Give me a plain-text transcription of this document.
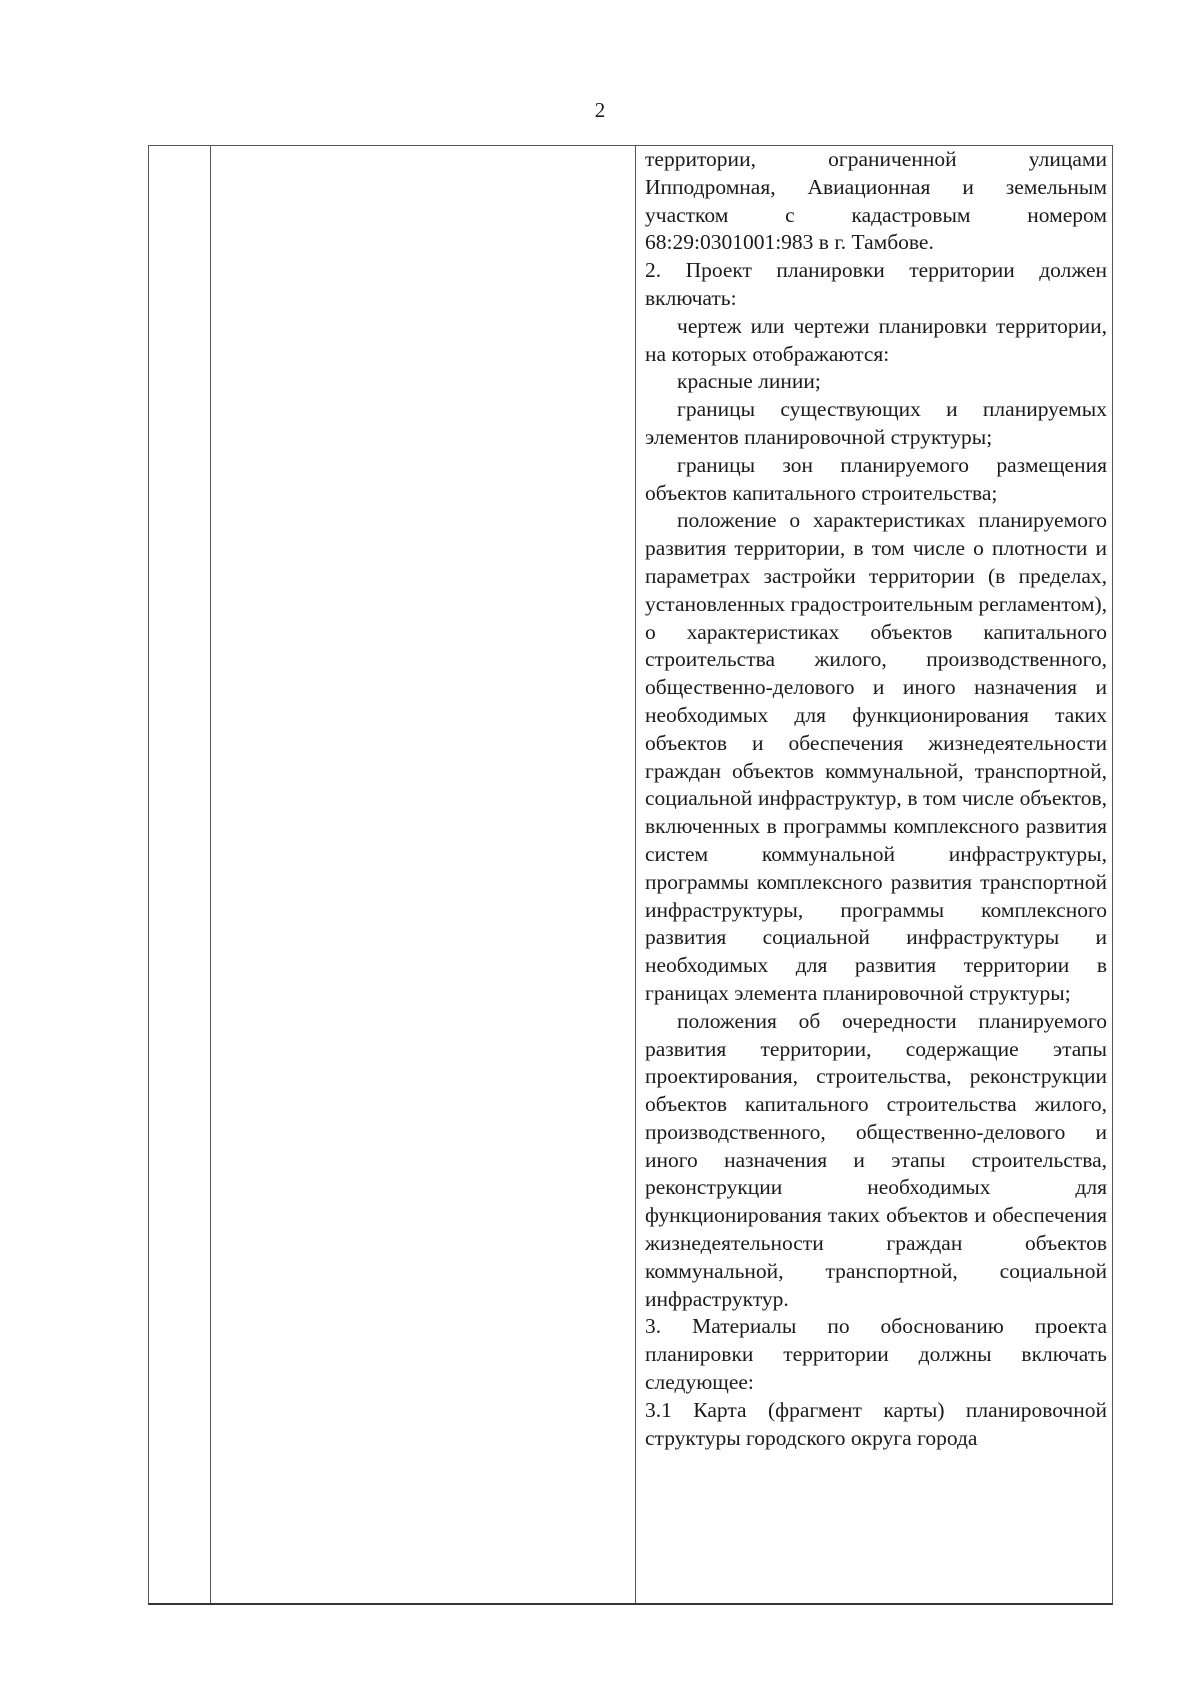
2

территории, ограниченной улицами Ипподромная, Авиационная и земельным участком с кадастровым номером 68:29:0301001:983 в г. Тамбове.

2. Проект планировки территории должен включать:

чертеж или чертежи планировки территории, на которых отображаются:

красные линии;

границы существующих и планируемых элементов планировочной структуры;

границы зон планируемого размещения объектов капитального строительства;

положение о характеристиках планируемого развития территории, в том числе о плотности и параметрах застройки территории (в пределах, установленных градостроительным регламентом), о характеристиках объектов капитального строительства жилого, производственного, общественно-делового и иного назначения и необходимых для функционирования таких объектов и обеспечения жизнедеятельности граждан объектов коммунальной, транспортной, социальной инфраструктур, в том числе объектов, включенных в программы комплексного развития систем коммунальной инфраструктуры, программы комплексного развития транспортной инфраструктуры, программы комплексного развития социальной инфраструктуры и необходимых для развития территории в границах элемента планировочной структуры;

положения об очередности планируемого развития территории, содержащие этапы проектирования, строительства, реконструкции объектов капитального строительства жилого, производственного, общественно-делового и иного назначения и этапы строительства, реконструкции необходимых для функционирования таких объектов и обеспечения жизнедеятельности граждан объектов коммунальной, транспортной, социальной инфраструктур.

3. Материалы по обоснованию проекта планировки территории должны включать следующее:

3.1 Карта (фрагмент карты) планировочной структуры городского округа города
